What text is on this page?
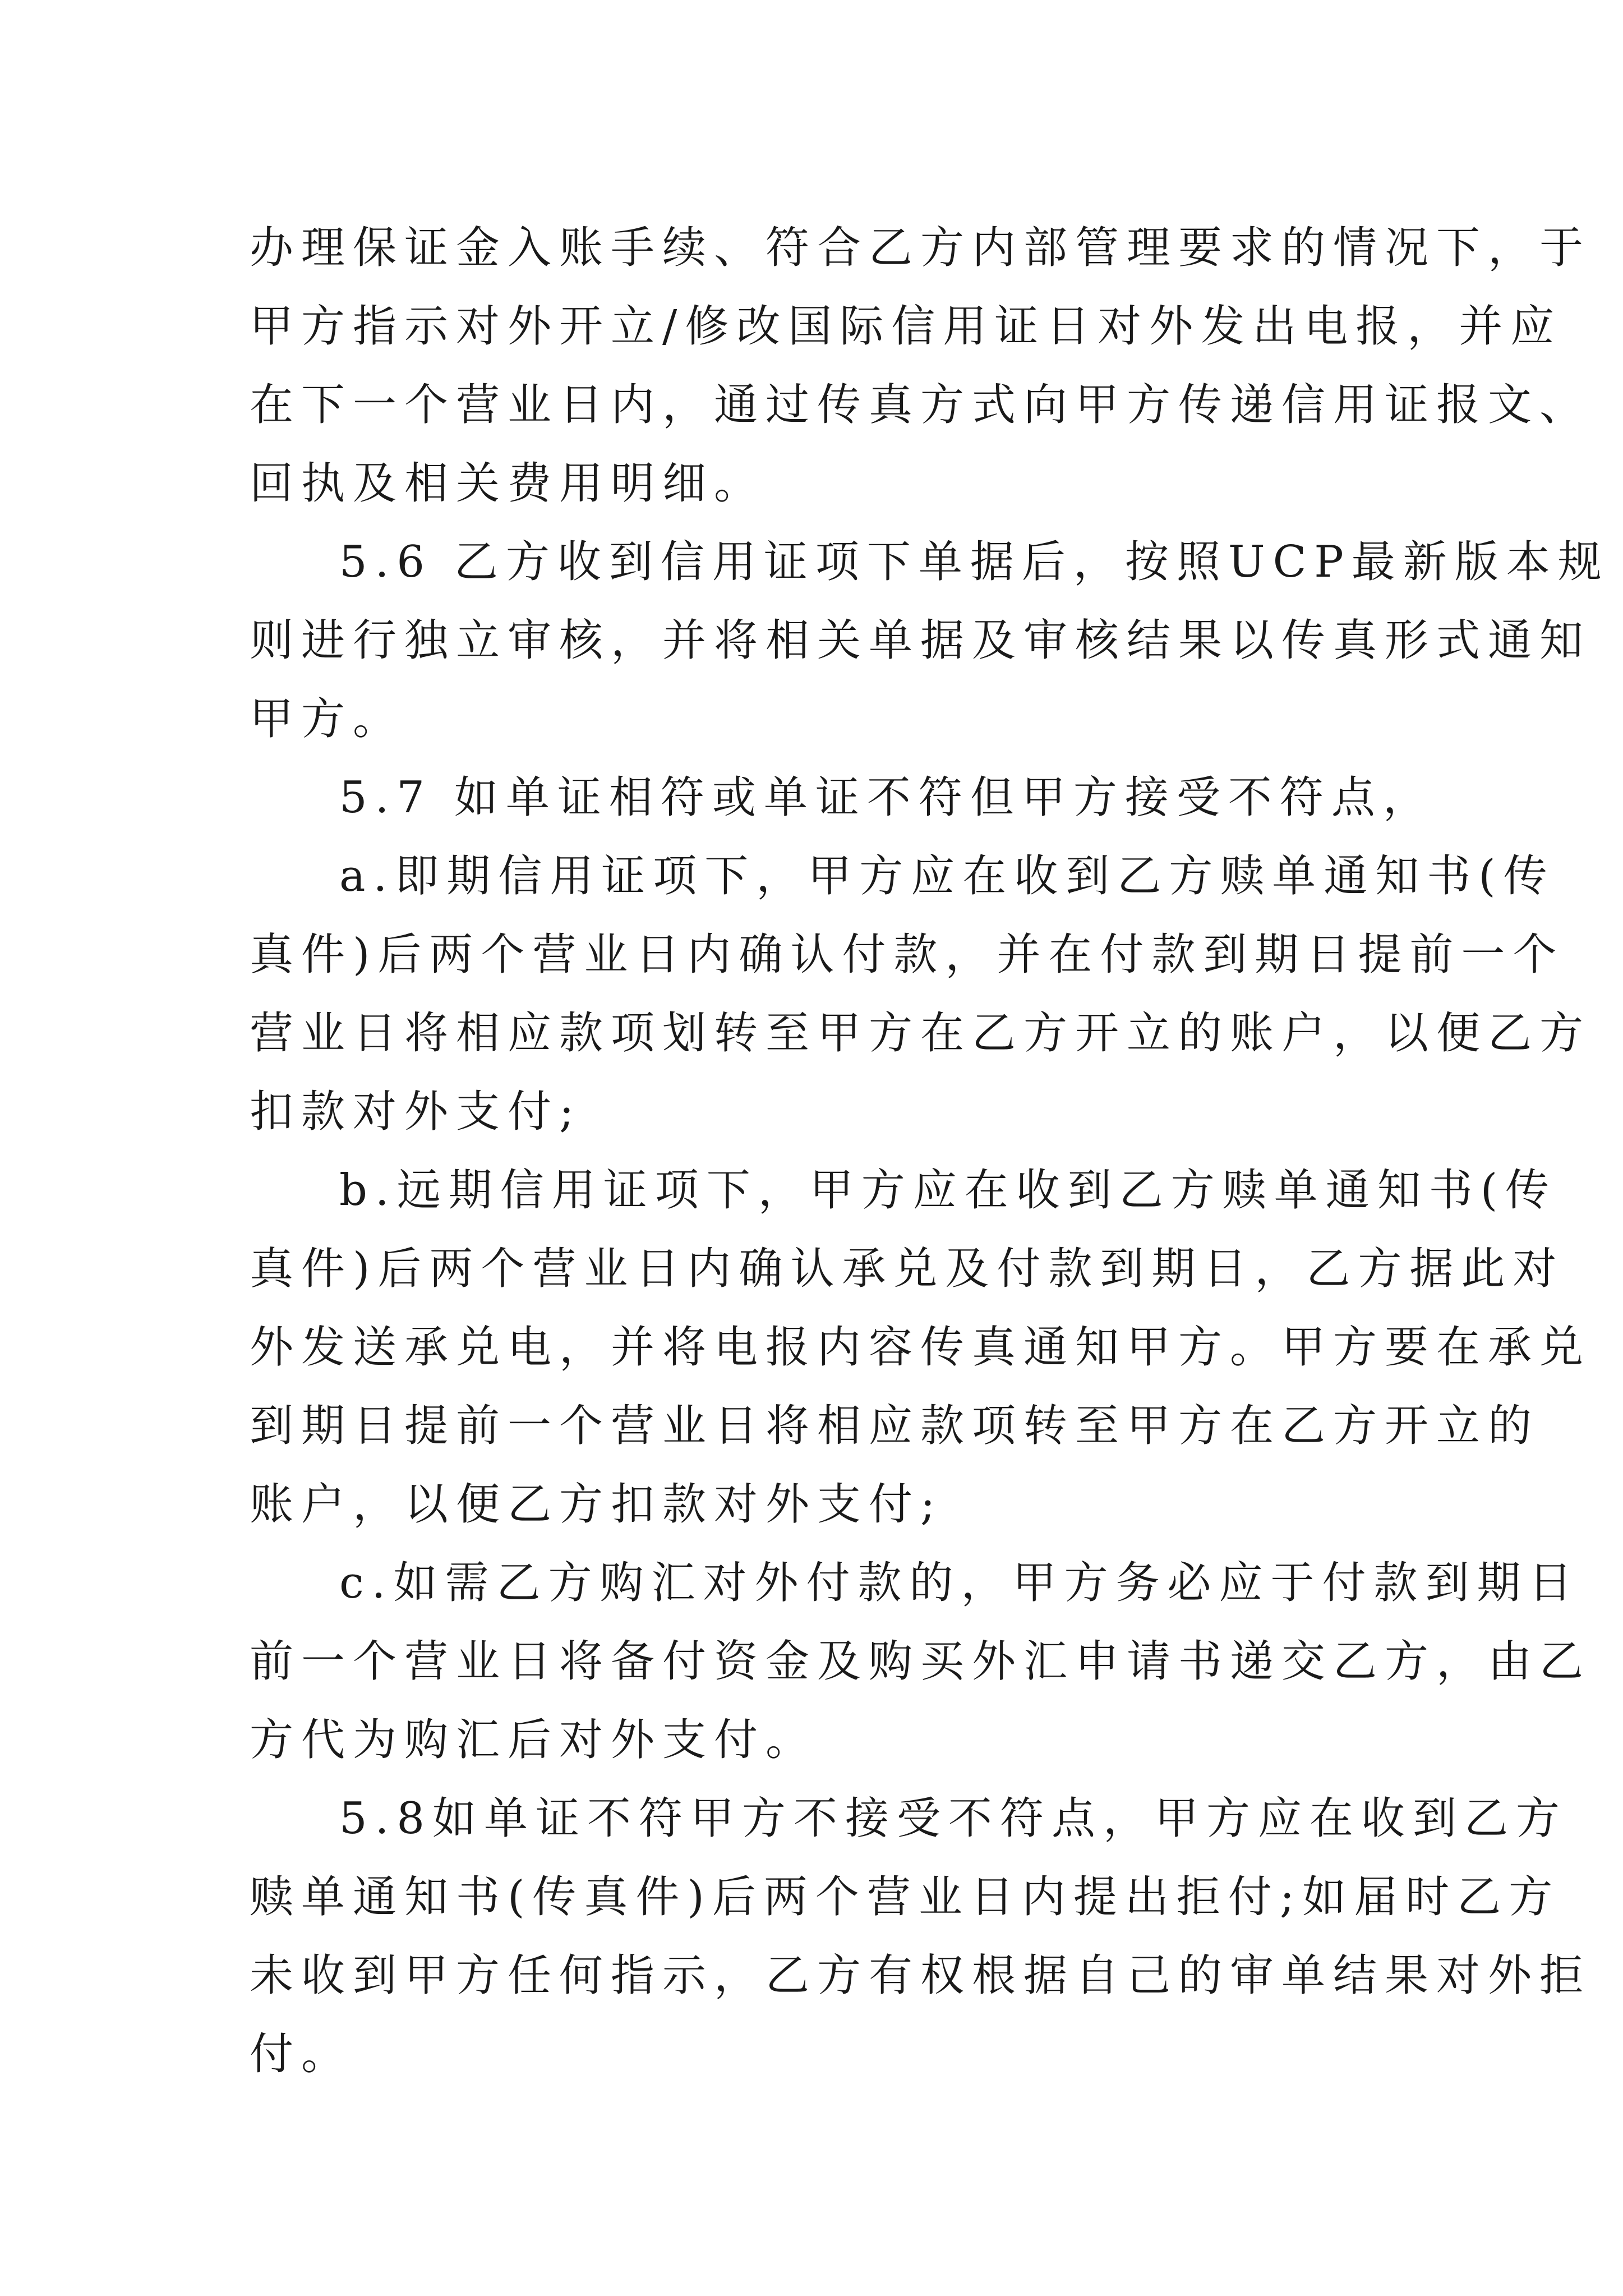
办理保证金入账手续、符合乙方内部管理要求的情况下，于
甲方指示对外开立/修改国际信用证日对外发出电报，并应
在下一个营业日内，通过传真方式向甲方传递信用证报文、
回执及相关费用明细。

5.6 乙方收到信用证项下单据后，按照UCP最新版本规
则进行独立审核，并将相关单据及审核结果以传真形式通知
甲方。

5.7 如单证相符或单证不符但甲方接受不符点，

a.即期信用证项下，甲方应在收到乙方赎单通知书(传
真件)后两个营业日内确认付款，并在付款到期日提前一个
营业日将相应款项划转至甲方在乙方开立的账户，以便乙方
扣款对外支付;

b.远期信用证项下，甲方应在收到乙方赎单通知书(传
真件)后两个营业日内确认承兑及付款到期日，乙方据此对
外发送承兑电，并将电报内容传真通知甲方。甲方要在承兑
到期日提前一个营业日将相应款项转至甲方在乙方开立的
账户，以便乙方扣款对外支付;

c.如需乙方购汇对外付款的，甲方务必应于付款到期日
前一个营业日将备付资金及购买外汇申请书递交乙方，由乙
方代为购汇后对外支付。

5.8如单证不符甲方不接受不符点，甲方应在收到乙方
赎单通知书(传真件)后两个营业日内提出拒付;如届时乙方
未收到甲方任何指示，乙方有权根据自己的审单结果对外拒
付。
